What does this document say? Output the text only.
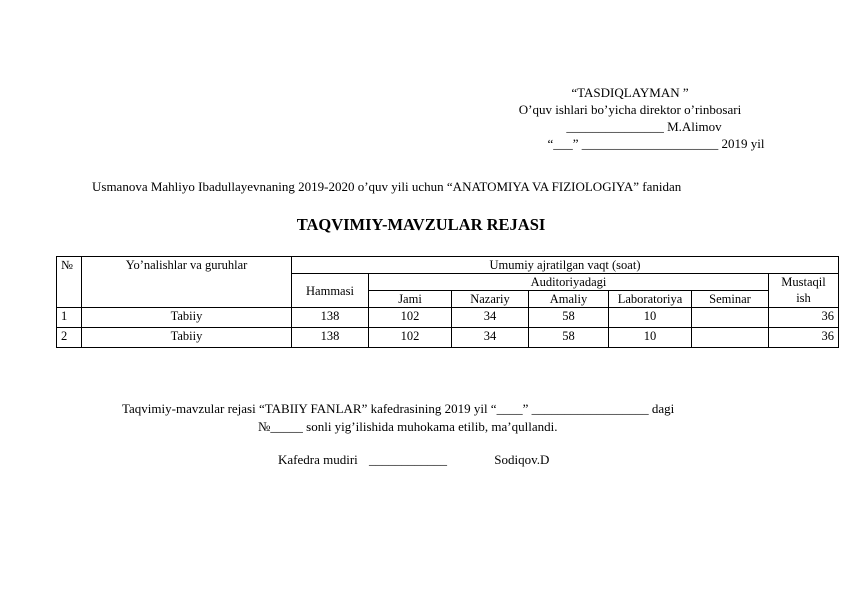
“TASDIQLAYMAN ”
O’quv ishlari bo’yicha direktor o’rinbosari
_______________ M.Alimov
“___” _____________________ 2019 yil
Usmanova Mahliyo Ibadullayevnaning 2019-2020 o’quv yili uchun “ANATOMIYA VA FIZIOLOGIYA” fanidan
TAQVIMIY-MAVZULAR REJASI
№	Yo’nalishlar va guruhlar	Umumiy ajratilgan vaqt (soat)						
		Hammasi	Auditoriyadagi					Mustaqil ish

			Jami	Nazariy	Amaliy	Laboratoriya	Seminar	
1	Tabiiy	138	102	34	58	10		36
2	Tabiiy	138	102	34	58	10		36
Taqvimiy-mavzular rejasi “TABIIY FANLAR” kafedrasining 2019 yil “____” __________________ dagi
№_____ sonli yig’ilishida muhokama etilib, ma’qullandi.
Kafedra mudiri ____________	Sodiqov.D
